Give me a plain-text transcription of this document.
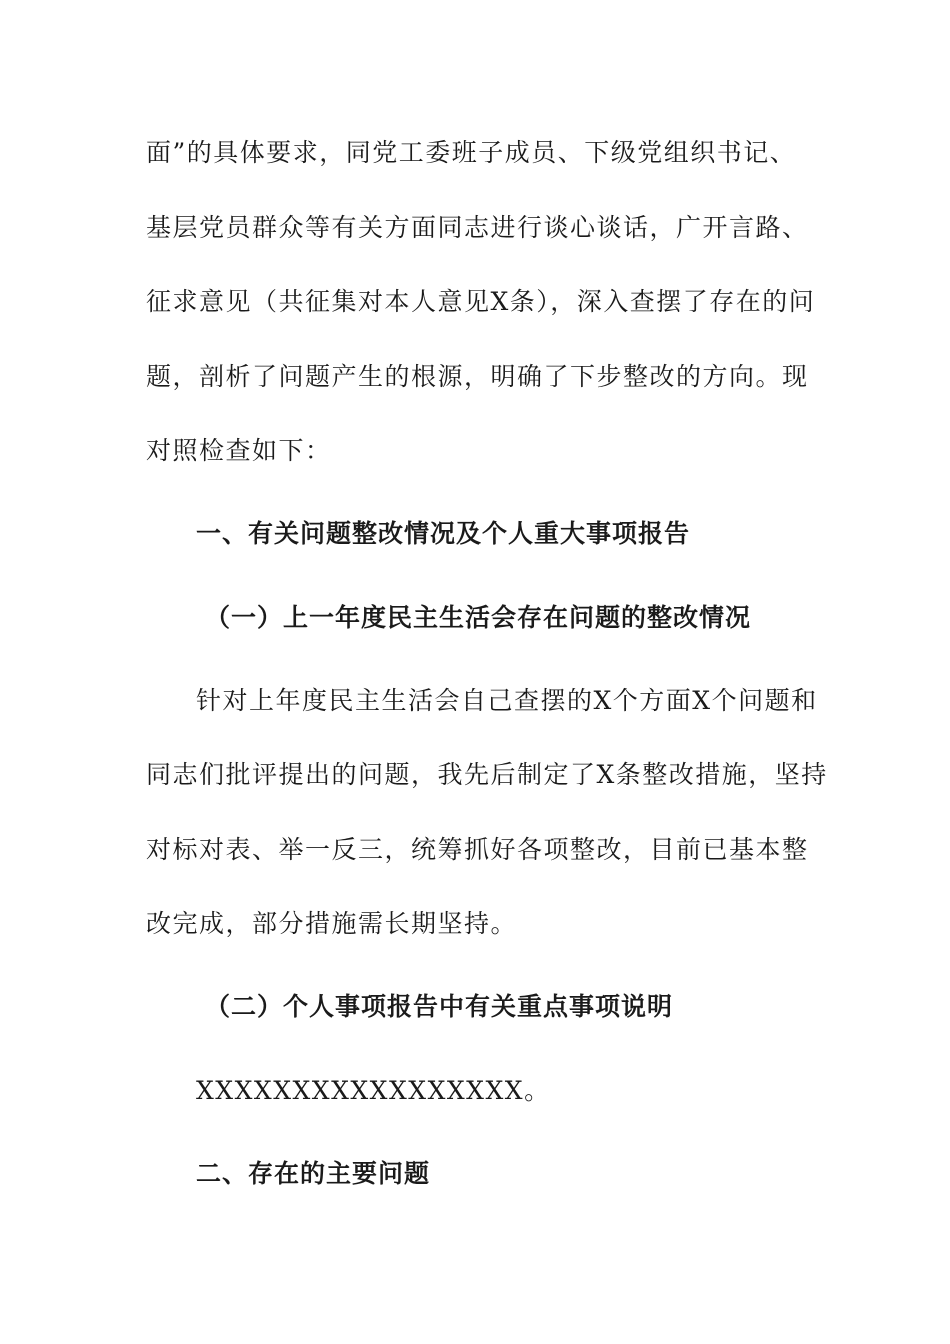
面”的具体要求，同党工委班子成员、下级党组织书记、
基层党员群众等有关方面同志进行谈心谈话，广开言路、
征求意见（共征集对本人意见X条），深入查摆了存在的问
题，剖析了问题产生的根源，明确了下步整改的方向。现
对照检查如下：
一、有关问题整改情况及个人重大事项报告
（一）上一年度民主生活会存在问题的整改情况
针对上年度民主生活会自己查摆的X个方面X个问题和
同志们批评提出的问题，我先后制定了X条整改措施，坚持
对标对表、举一反三，统筹抓好各项整改，目前已基本整
改完成，部分措施需长期坚持。
（二）个人事项报告中有关重点事项说明
XXXXXXXXXXXXXXXXX。
二、存在的主要问题
